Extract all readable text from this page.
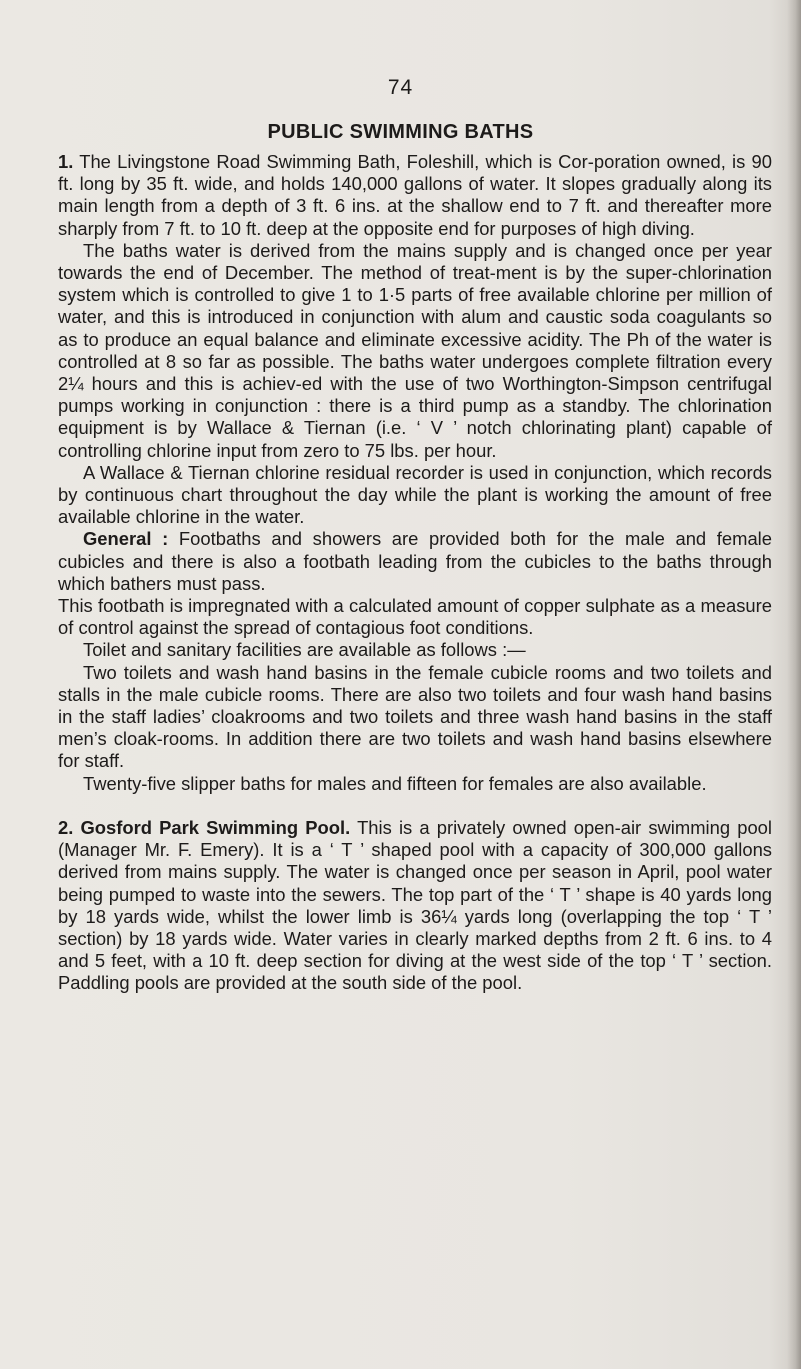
74
PUBLIC SWIMMING BATHS

1. The Livingstone Road Swimming Bath, Foleshill, which is Cor-poration owned, is 90 ft. long by 35 ft. wide, and holds 140,000 gallons of water. It slopes gradually along its main length from a depth of 3 ft. 6 ins. at the shallow end to 7 ft. and thereafter more sharply from 7 ft. to 10 ft. deep at the opposite end for purposes of high diving.

The baths water is derived from the mains supply and is changed once per year towards the end of December. The method of treat-ment is by the super-chlorination system which is controlled to give 1 to 1·5 parts of free available chlorine per million of water, and this is introduced in conjunction with alum and caustic soda coagulants so as to produce an equal balance and eliminate excessive acidity. The Ph of the water is controlled at 8 so far as possible. The baths water undergoes complete filtration every 2¼ hours and this is achiev-ed with the use of two Worthington-Simpson centrifugal pumps working in conjunction : there is a third pump as a standby. The chlorination equipment is by Wallace & Tiernan (i.e. ‘ V ’ notch chlorinating plant) capable of controlling chlorine input from zero to 75 lbs. per hour.

A Wallace & Tiernan chlorine residual recorder is used in conjunction, which records by continuous chart throughout the day while the plant is working the amount of free available chlorine in the water.

General : Footbaths and showers are provided both for the male and female cubicles and there is also a footbath leading from the cubicles to the baths through which bathers must pass.

This footbath is impregnated with a calculated amount of copper sulphate as a measure of control against the spread of contagious foot conditions.

Toilet and sanitary facilities are available as follows :—

Two toilets and wash hand basins in the female cubicle rooms and two toilets and stalls in the male cubicle rooms. There are also two toilets and four wash hand basins in the staff ladies’ cloakrooms and two toilets and three wash hand basins in the staff men’s cloak-rooms. In addition there are two toilets and wash hand basins elsewhere for staff.

Twenty-five slipper baths for males and fifteen for females are also available.

2. Gosford Park Swimming Pool. This is a privately owned open-air swimming pool (Manager Mr. F. Emery). It is a ‘ T ’ shaped pool with a capacity of 300,000 gallons derived from mains supply. The water is changed once per season in April, pool water being pumped to waste into the sewers. The top part of the ‘ T ’ shape is 40 yards long by 18 yards wide, whilst the lower limb is 36¼ yards long (overlapping the top ‘ T ’ section) by 18 yards wide. Water varies in clearly marked depths from 2 ft. 6 ins. to 4 and 5 feet, with a 10 ft. deep section for diving at the west side of the top ‘ T ’ section. Paddling pools are provided at the south side of the pool.
